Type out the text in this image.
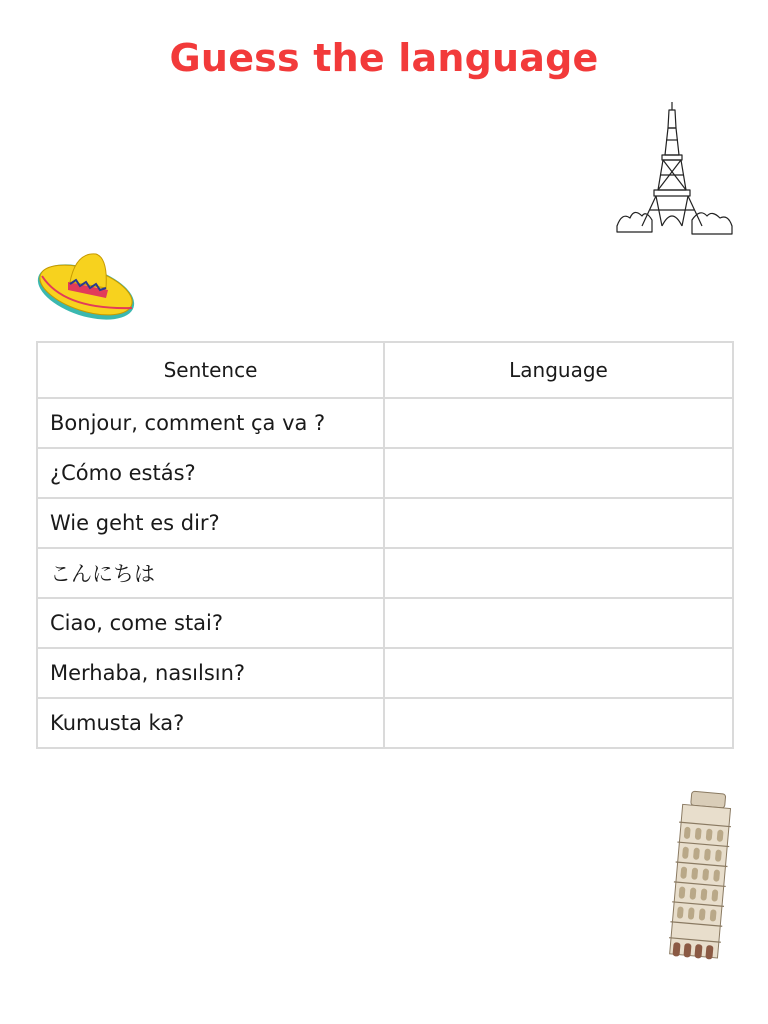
Guess the language
Sentence	Language
Bonjour, comment ça va ?	
¿Cómo estás?	
Wie geht es dir?	
こんにちは	
Ciao, come stai?	
Merhaba, nasılsın?	
Kumusta ka?	
